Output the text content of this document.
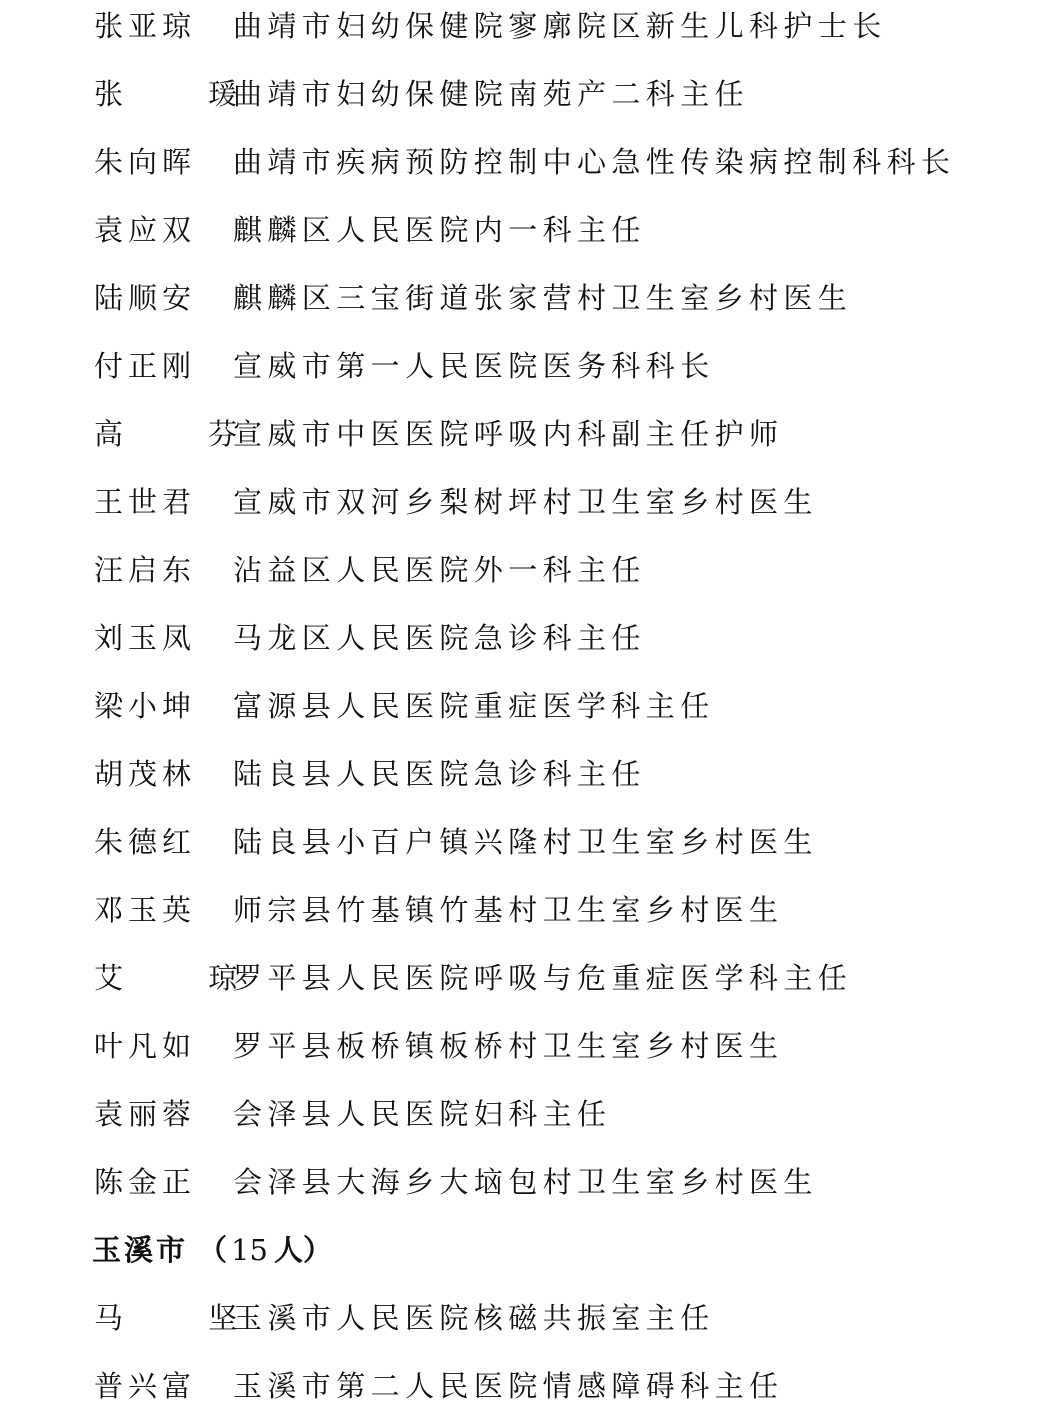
张亚琼 曲靖市妇幼保健院寥廓院区新生儿科护士长
张 瑗
曲靖市妇幼保健院南苑产二科主任
朱向晖 曲靖市疾病预防控制中心急性传染病控制科科长
袁应双 麒麟区人民医院内一科主任
陆顺安 麒麟区三宝街道张家营村卫生室乡村医生
付正刚 宣威市第一人民医院医务科科长
高 芬
宣威市中医医院呼吸内科副主任护师
王世君 宣威市双河乡梨树坪村卫生室乡村医生
汪启东 沾益区人民医院外一科主任
刘玉凤 马龙区人民医院急诊科主任
梁小坤 富源县人民医院重症医学科主任
胡茂林 陆良县人民医院急诊科主任
朱德红 陆良县小百户镇兴隆村卫生室乡村医生
邓玉英 师宗县竹基镇竹基村卫生室乡村医生
艾 琼
罗平县人民医院呼吸与危重症医学科主任
叶凡如 罗平县板桥镇板桥村卫生室乡村医生
袁丽蓉 会泽县人民医院妇科主任
陈金正 会泽县大海乡大垴包村卫生室乡村医生
玉溪市 （ 15 人）
马 坚
玉溪市人民医院核磁共振室主任
普兴富 玉溪市第二人民医院情感障碍科主任
